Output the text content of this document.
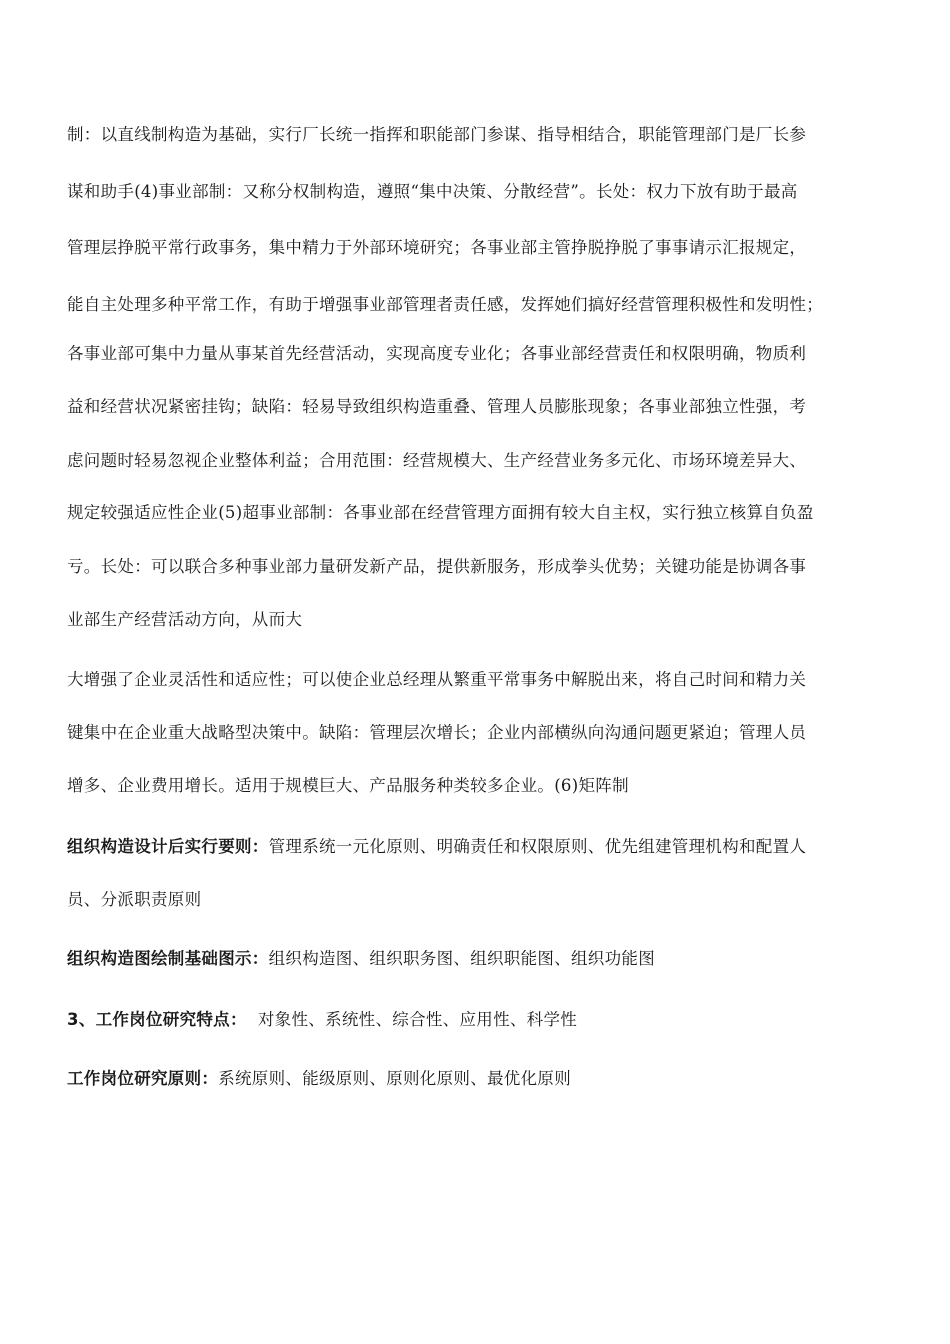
制：以直线制构造为基础，实行厂长统一指挥和职能部门参谋、指导相结合，职能管理部门是厂长参
谋和助手(4)事业部制：又称分权制构造，遵照“集中决策、分散经营”。长处：权力下放有助于最高
管理层挣脱平常行政事务，集中精力于外部环境研究；各事业部主管挣脱挣脱了事事请示汇报规定，
能自主处理多种平常工作，有助于增强事业部管理者责任感，发挥她们搞好经营管理积极性和发明性；
各事业部可集中力量从事某首先经营活动，实现高度专业化；各事业部经营责任和权限明确，物质利
益和经营状况紧密挂钩；缺陷：轻易导致组织构造重叠、管理人员膨胀现象；各事业部独立性强，考
虑问题时轻易忽视企业整体利益；合用范围：经营规模大、生产经营业务多元化、市场环境差异大、
规定较强适应性企业(5)超事业部制：各事业部在经营管理方面拥有较大自主权，实行独立核算自负盈
亏。长处：可以联合多种事业部力量研发新产品，提供新服务，形成拳头优势；关键功能是协调各事
业部生产经营活动方向，从而大
大增强了企业灵活性和适应性；可以使企业总经理从繁重平常事务中解脱出来，将自己时间和精力关
键集中在企业重大战略型决策中。缺陷：管理层次增长；企业内部横纵向沟通问题更紧迫；管理人员
增多、企业费用增长。适用于规模巨大、产品服务种类较多企业。(6)矩阵制
组织构造设计后实行要则：管理系统一元化原则、明确责任和权限原则、优先组建管理机构和配置人
员、分派职责原则
组织构造图绘制基础图示：组织构造图、组织职务图、组织职能图、组织功能图
3、工作岗位研究特点：  对象性、系统性、综合性、应用性、科学性
工作岗位研究原则：系统原则、能级原则、原则化原则、最优化原则
